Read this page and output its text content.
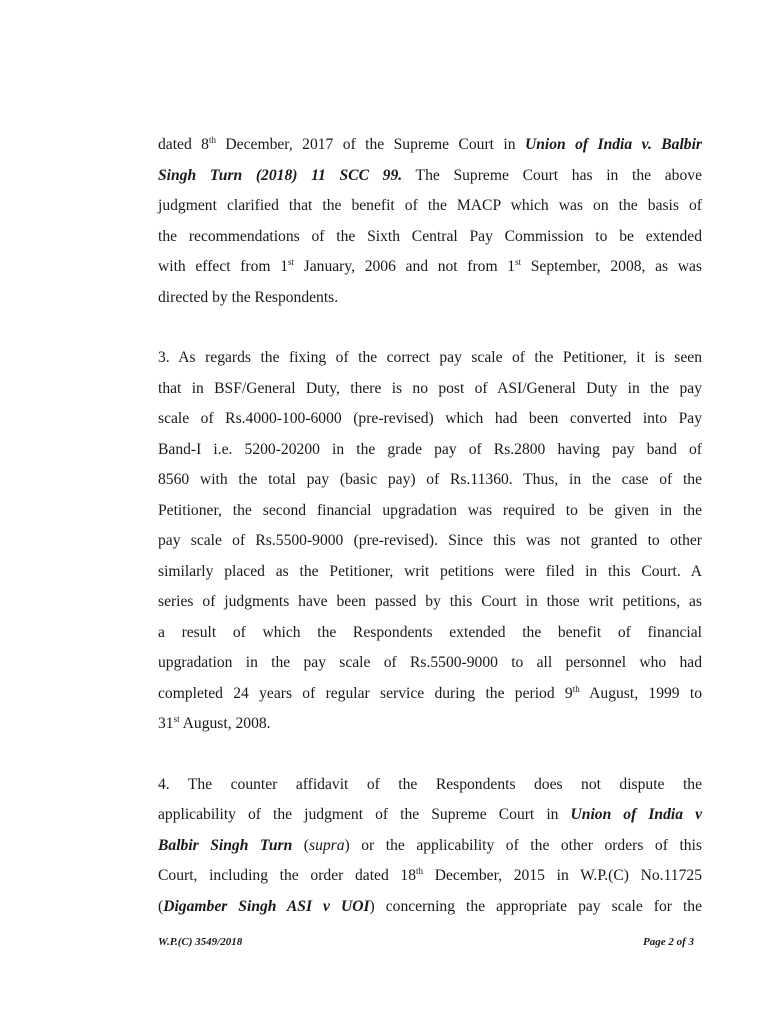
dated 8th December, 2017 of the Supreme Court in Union of India v. Balbir
Singh Turn (2018) 11 SCC 99. The Supreme Court has in the above
judgment clarified that the benefit of the MACP which was on the basis of
the recommendations of the Sixth Central Pay Commission to be extended
with effect from 1st January, 2006 and not from 1st September, 2008, as was
directed by the Respondents.

3. As regards the fixing of the correct pay scale of the Petitioner, it is seen
that in BSF/General Duty, there is no post of ASI/General Duty in the pay
scale of Rs.4000-100-6000 (pre-revised) which had been converted into Pay
Band-I i.e. 5200-20200 in the grade pay of Rs.2800 having pay band of
8560 with the total pay (basic pay) of Rs.11360. Thus, in the case of the
Petitioner, the second financial upgradation was required to be given in the
pay scale of Rs.5500-9000 (pre-revised). Since this was not granted to other
similarly placed as the Petitioner, writ petitions were filed in this Court. A
series of judgments have been passed by this Court in those writ petitions, as
a result of which the Respondents extended the benefit of financial
upgradation in the pay scale of Rs.5500-9000 to all personnel who had
completed 24 years of regular service during the period 9th August, 1999 to
31st August, 2008.

4. The counter affidavit of the Respondents does not dispute the
applicability of the judgment of the Supreme Court in Union of India v
Balbir Singh Turn (supra) or the applicability of the other orders of this
Court, including the order dated 18th December, 2015 in W.P.(C) No.11725
(Digamber Singh ASI v UOI) concerning the appropriate pay scale for the

W.P.(C) 3549/2018	Page 2 of 3
